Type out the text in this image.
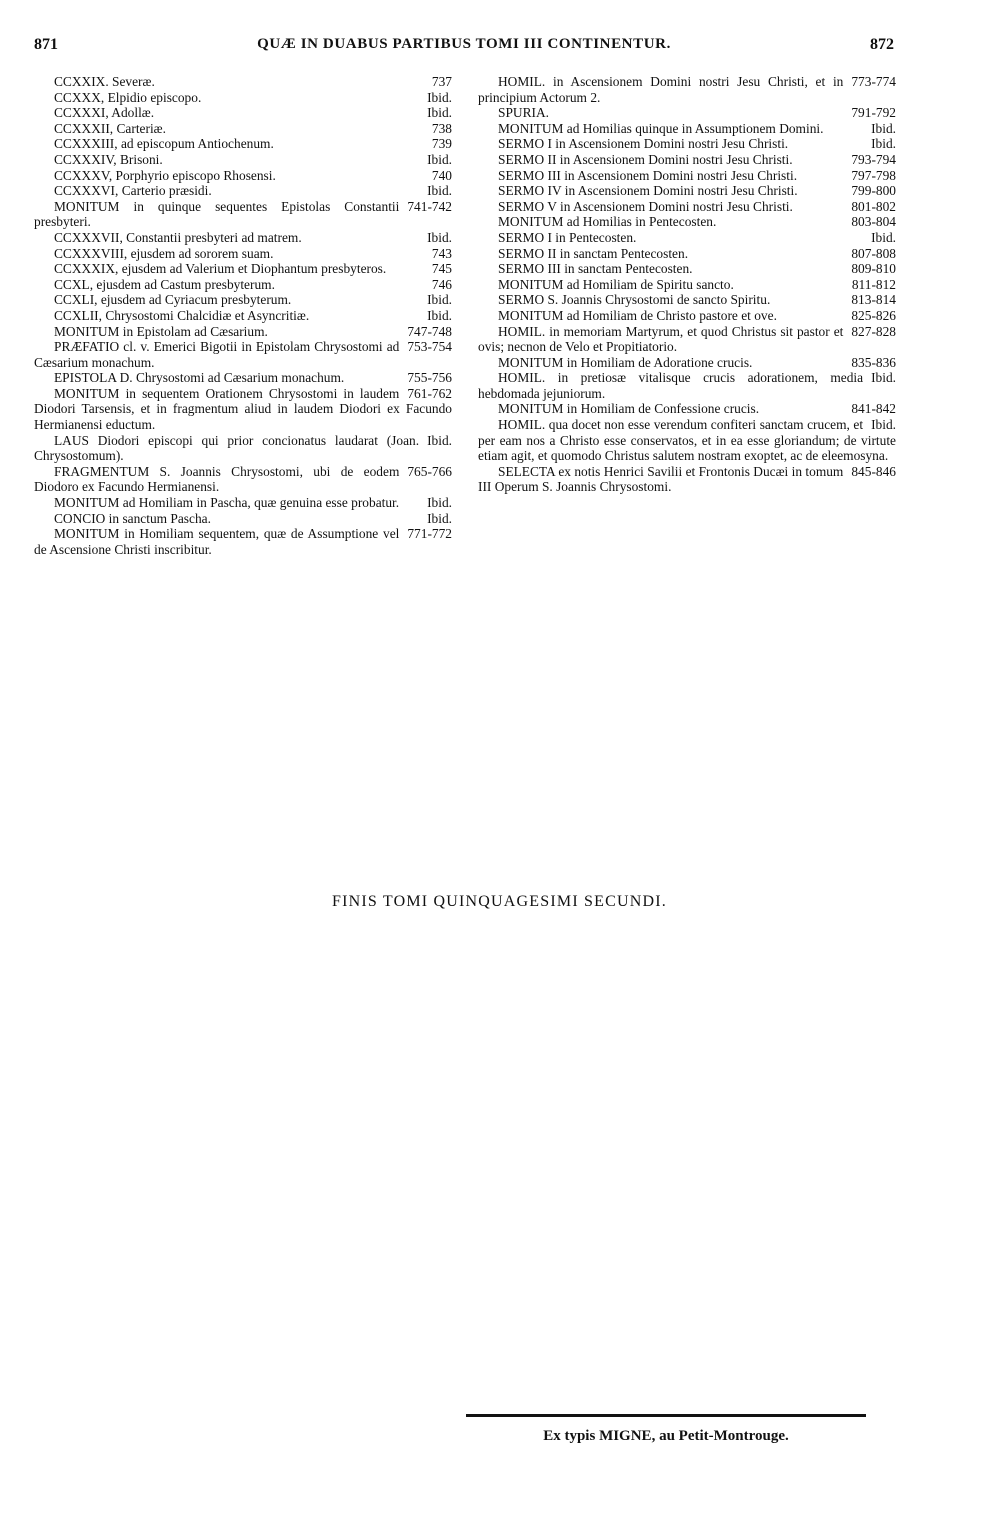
871	QUÆ IN DUABUS PARTIBUS TOMI III CONTINENTUR.	872
737
CCXXIX. Severæ.
Ibid.
CCXXX, Elpidio episcopo.
Ibid.
CCXXXI, Adollæ.
738
CCXXXII, Carteriæ.
739
CCXXXIII, ad episcopum Antiochenum.
Ibid.
CCXXXIV, Brisoni.
740
CCXXXV, Porphyrio episcopo Rhosensi.
Ibid.
CCXXXVI, Carterio præsidi.
741-742
MONITUM in quinque sequentes Epistolas Constantii presbyteri.
Ibid.
CCXXXVII, Constantii presbyteri ad matrem.
743
CCXXXVIII, ejusdem ad sororem suam.
745
CCXXXIX, ejusdem ad Valerium et Diophantum presbyteros.
746
CCXL, ejusdem ad Castum presbyterum.
Ibid.
CCXLI, ejusdem ad Cyriacum presbyterum.
Ibid.
CCXLII, Chrysostomi Chalcidiæ et Asyncritiæ.
747-748
MONITUM in Epistolam ad Cæsarium.
753-754
PRÆFATIO cl. v. Emerici Bigotii in Epistolam Chrysostomi ad Cæsarium monachum.
755-756
EPISTOLA D. Chrysostomi ad Cæsarium monachum.
761-762
MONITUM in sequentem Orationem Chrysostomi in laudem Diodori Tarsensis, et in fragmentum aliud in laudem Diodori ex Facundo Hermianensi eductum.
Ibid.
LAUS Diodori episcopi qui prior concionatus laudarat (Joan. Chrysostomum).
765-766
FRAGMENTUM S. Joannis Chrysostomi, ubi de eodem Diodoro ex Facundo Hermianensi.
Ibid.
MONITUM ad Homiliam in Pascha, quæ genuina esse probatur.
Ibid.
CONCIO in sanctum Pascha.
771-772
MONITUM in Homiliam sequentem, quæ de Assumptione vel de Ascensione Christi inscribitur.
773-774
HOMIL. in Ascensionem Domini nostri Jesu Christi, et in principium Actorum 2.
791-792
SPURIA.
Ibid.
MONITUM ad Homilias quinque in Assumptionem Domini.
Ibid.
SERMO I in Ascensionem Domini nostri Jesu Christi.
793-794
SERMO II in Ascensionem Domini nostri Jesu Christi.
797-798
SERMO III in Ascensionem Domini nostri Jesu Christi.
799-800
SERMO IV in Ascensionem Domini nostri Jesu Christi.
801-802
SERMO V in Ascensionem Domini nostri Jesu Christi.
803-804
MONITUM ad Homilias in Pentecosten.
Ibid.
SERMO I in Pentecosten.
807-808
SERMO II in sanctam Pentecosten.
809-810
SERMO III in sanctam Pentecosten.
811-812
MONITUM ad Homiliam de Spiritu sancto.
813-814
SERMO S. Joannis Chrysostomi de sancto Spiritu.
825-826
MONITUM ad Homiliam de Christo pastore et ove.
827-828
HOMIL. in memoriam Martyrum, et quod Christus sit pastor et ovis; necnon de Velo et Propitiatorio.
835-836
MONITUM in Homiliam de Adoratione crucis.
Ibid.
HOMIL. in pretiosæ vitalisque crucis adorationem, media hebdomada jejuniorum.
841-842
MONITUM in Homiliam de Confessione crucis.
Ibid.
HOMIL. qua docet non esse verendum confiteri sanctam crucem, et per eam nos a Christo esse conservatos, et in ea esse gloriandum; de virtute etiam agit, et quomodo Christus salutem nostram exoptet, ac de eleemosyna.
845-846
SELECTA ex notis Henrici Savilii et Frontonis Ducæi in tomum III Operum S. Joannis Chrysostomi.
FINIS TOMI QUINQUAGESIMI SECUNDI.
Ex typis MIGNE, au Petit-Montrouge.
